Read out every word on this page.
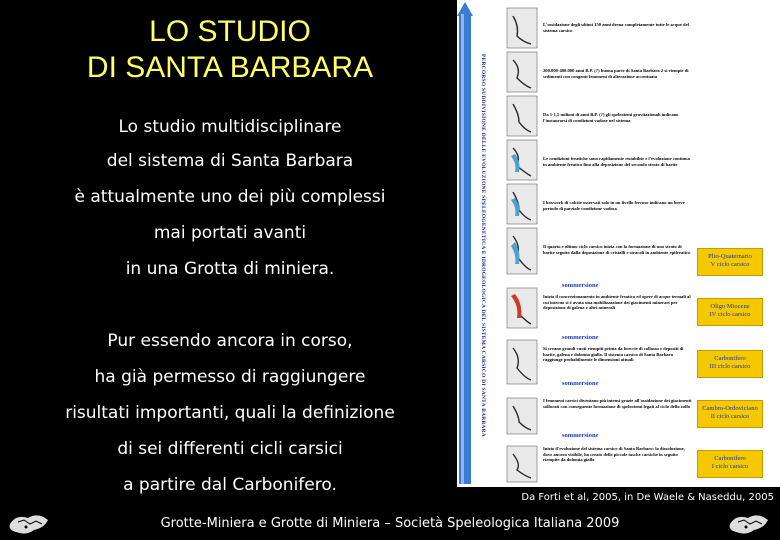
LO STUDIO
DI SANTA BARBARA
Lo studio multidisciplinare
del sistema di Santa Barbara
è attualmente uno dei più complessi
mai portati avanti
in una Grotta di miniera.
Pur essendo ancora in corso,
ha già permesso di raggiungere
risultati importanti, quali la definizione
di sei differenti cicli carsici
a partire dal Carbonifero.
PERCORSO SUDDIVISIONE DELLE EVOLUZIONE SPELEOGENETICA E IDROGEOLOGICA DEL SISTEMA CARSICO DI SANTA BARBARA
L'ossidazione degli ultimi 150 anni drena completamente tutte le acque del sistema carsico
200.000-400.000 anni B.P. (?) buona parte di Santa Barbara 2 si riempie di sedimenti con congenti fenomeni di alterazione accentuata
Da 1-1,5 milioni di anni B.P. (?) gli speleotemi gravitazionali indicano l'instaurarsi di condizioni vadose nel sistema
Le condizioni freatiche sono rapidamente ristabilite e l'evoluzione continua in ambiente freatico fino alla deposizione del secondo strato di barite
I boxwork di calcite osservati solo in un livello ferroso indicano un breve periodo di parziale condizione vadosa
Il quarto e ultimo ciclo carsico inizia con la formazione di uno strato di barite seguito dalla deposizione di cristalli e stracoli in ambiente epifreatico
Inizia il concrezionamento in ambiente freatico ed opere di acque termali al cui interno si è avuta una mobilizzazione dei giacimenti minerari per deposizione di galena e altri minerali
Si creano grandi vuoti riempiti prima da breccie di collasso e depositi di barite, galena e dolomia gialla. Il sistema carsico di Santa Barbara raggiunge probabilmente le dimensioni attuali
I fenomeni carsici diventano più intensi grazie all'ossidazione dei giacimenti solforati con conseguente formazione di speleotemi legati al ciclo dello zolfo
Inizio il'evoluzione del sistema carsico di Santo Barbaro: la dissoluzione, dove ancora visibile, ha creato delle piccole tasche carsiche in seguito riempite da dolomia gialla
sommersione
sommersione
sommersione
sommersione
Plio-Quaternario
V ciclo carsico
Oligo Miocene
IV ciclo carsico
Carbonifero
III ciclo carsico
Cambro-Ordoviciano
II ciclo carsico
Carbonifero
I ciclo carsico
Da Forti et al, 2005, in De Waele & Naseddu, 2005
Grotte-Miniera e Grotte di Miniera – Società Speleologica Italiana 2009
